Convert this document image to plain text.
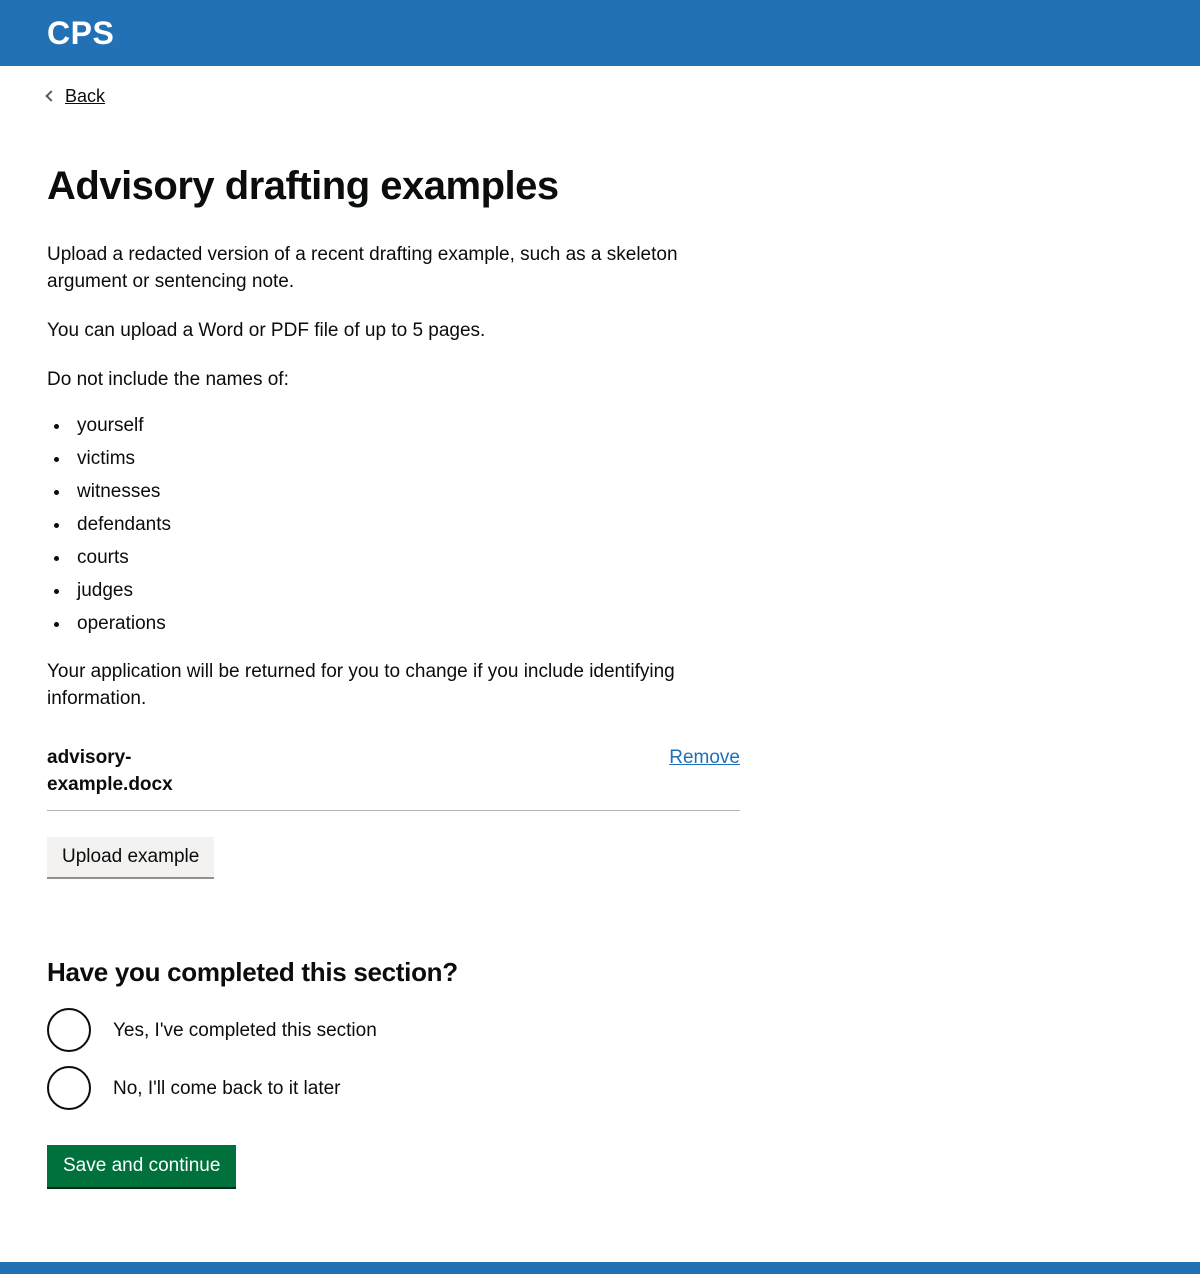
CPS
Back
Advisory drafting examples

Upload a redacted version of a recent drafting example, such as a skeleton argument or sentencing note.

You can upload a Word or PDF file of up to 5 pages.

Do not include the names of:

• yourself
• victims
• witnesses
• defendants
• courts
• judges
• operations

Your application will be returned for you to change if you include identifying information.

advisory-example.docx
Remove
Upload example
Have you completed this section?
Yes, I've completed this section
No, I'll come back to it later
Save and continue
